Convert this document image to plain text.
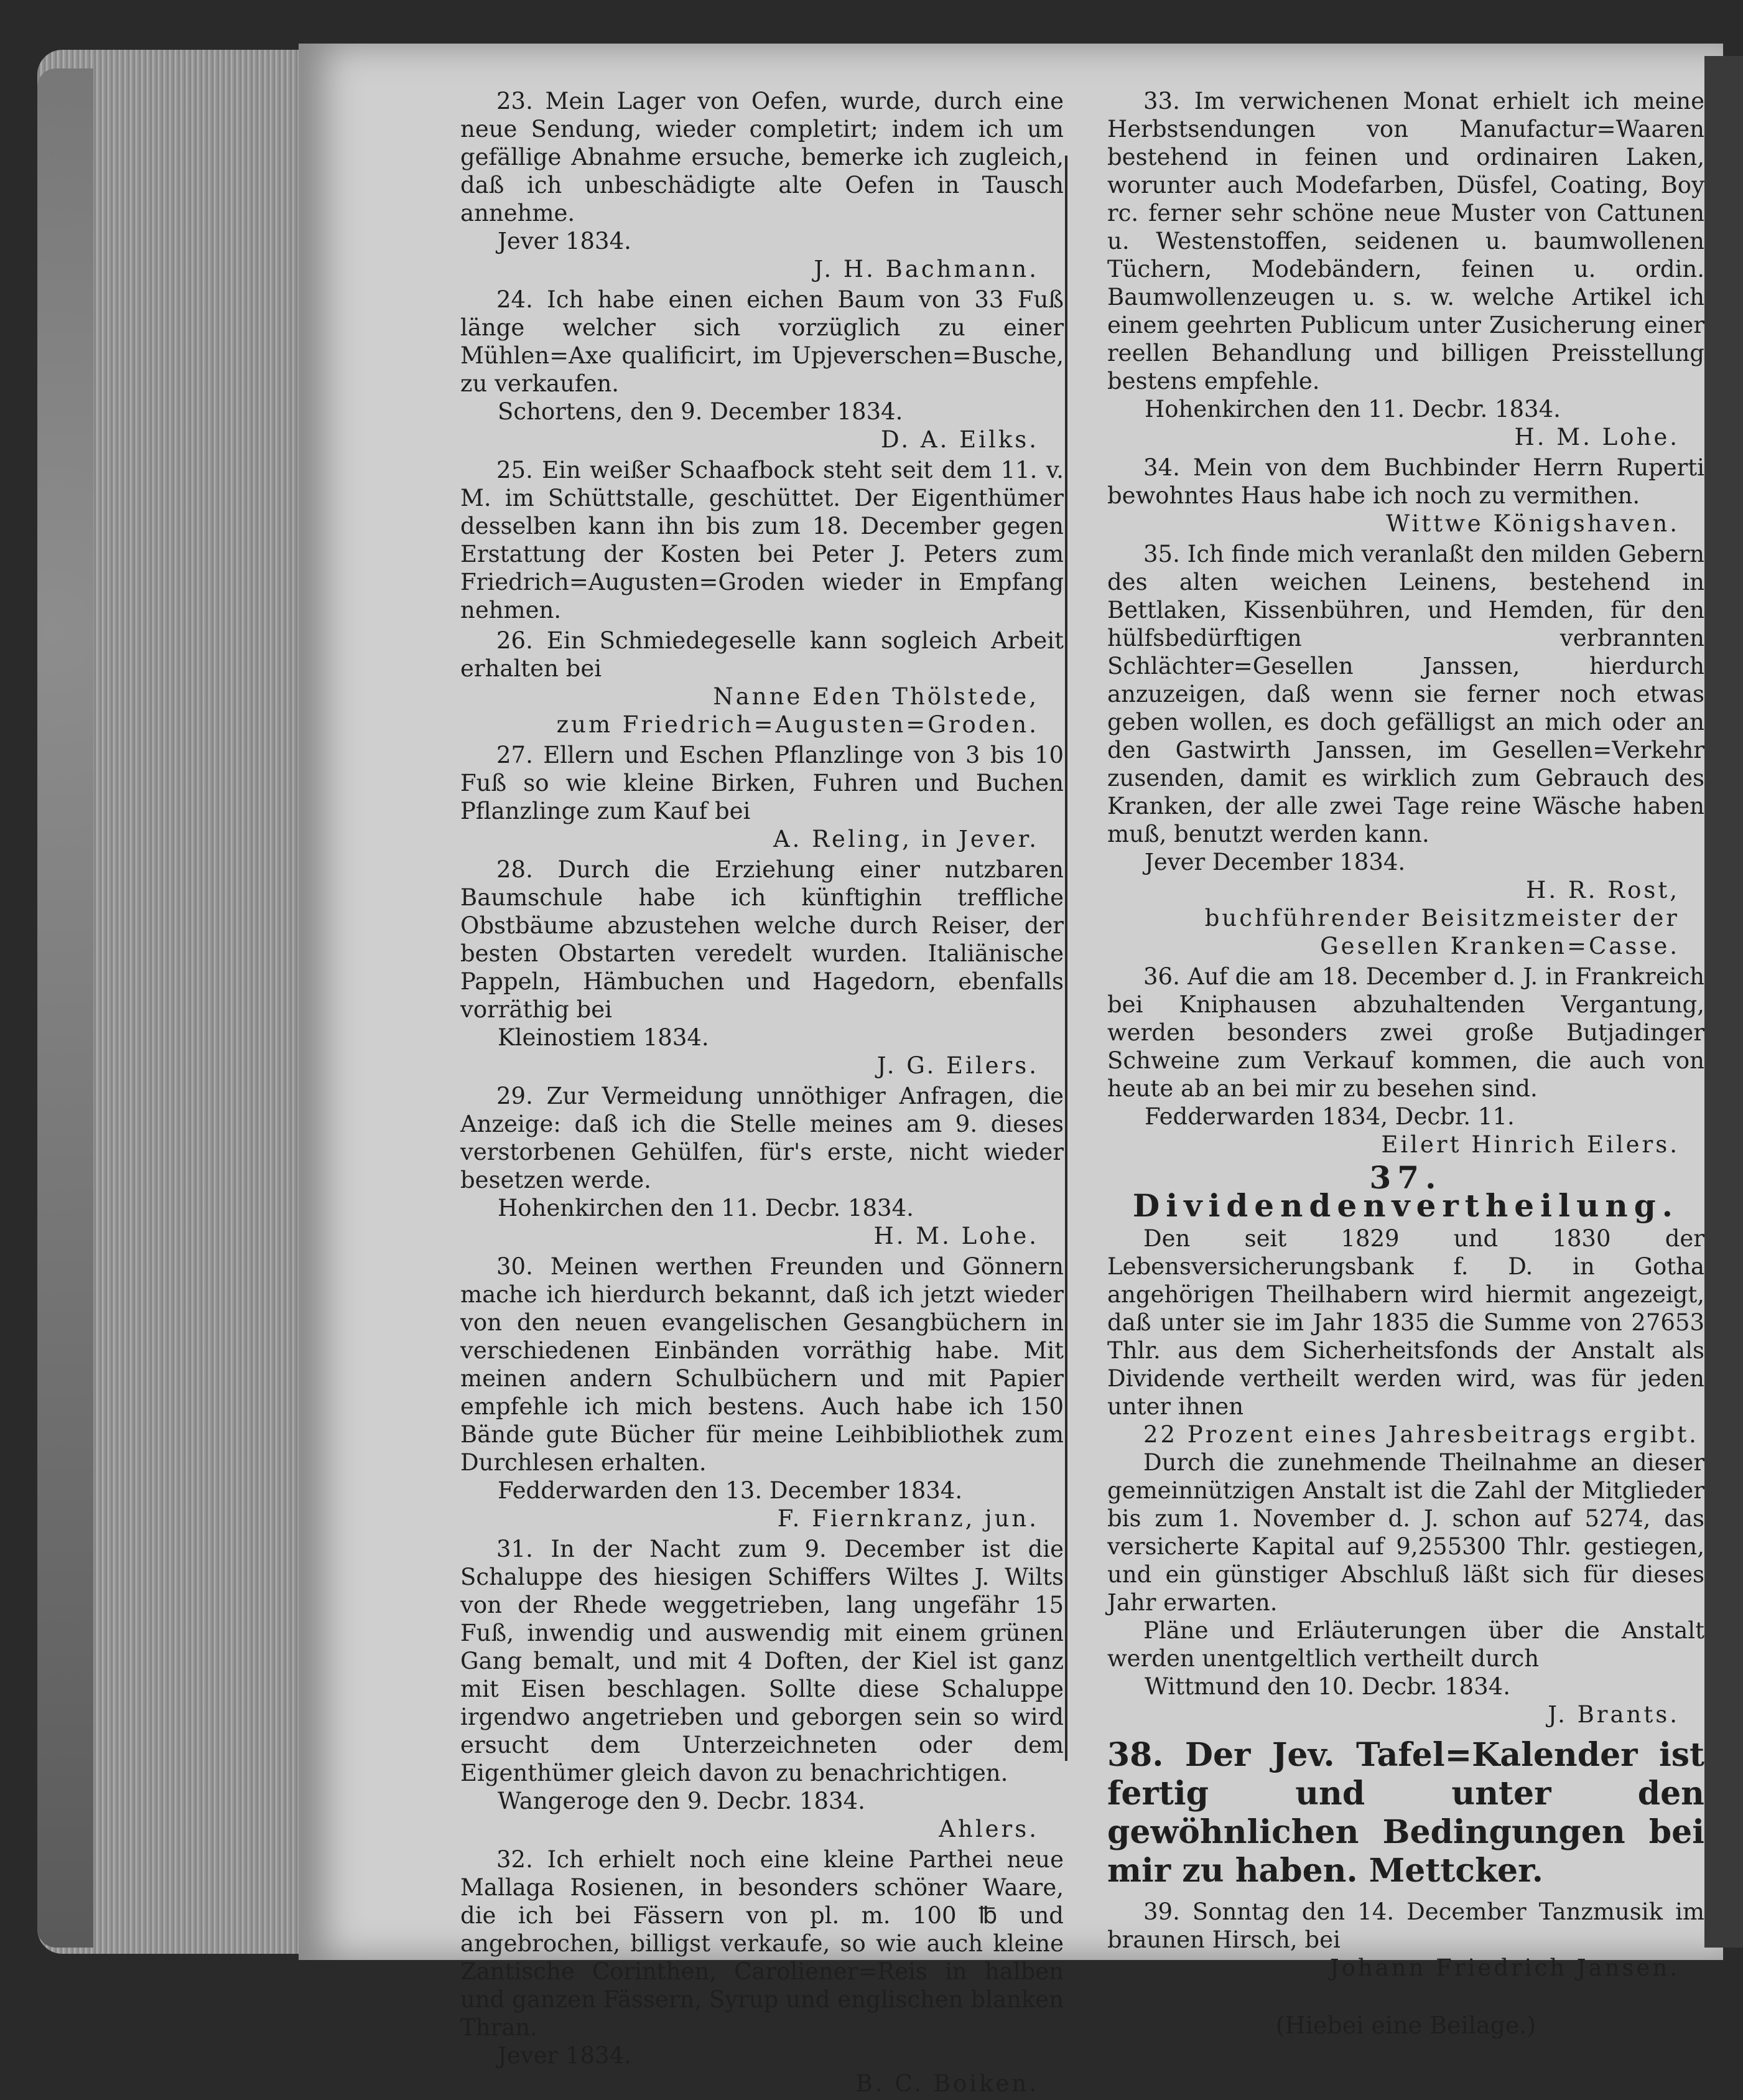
23. Mein Lager von Oefen, wurde, durch eine neue Sendung, wieder completirt; indem ich um gefällige Abnahme ersuche, bemerke ich zugleich, daß ich unbeschädigte alte Oefen in Tausch annehme.

Jever 1834.
J. H. Bachmann.

24. Ich habe einen eichen Baum von 33 Fuß länge welcher sich vorzüglich zu einer Mühlen=Axe qualificirt, im Upjeverschen=Busche, zu verkaufen.

Schortens, den 9. December 1834.
D. A. Eilks.

25. Ein weißer Schaafbock steht seit dem 11. v. M. im Schüttstalle, geschüttet. Der Eigenthümer desselben kann ihn bis zum 18. December gegen Erstattung der Kosten bei Peter J. Peters zum Friedrich=Augusten=Groden wieder in Empfang nehmen.

26. Ein Schmiedegeselle kann sogleich Arbeit erhalten bei

Nanne Eden Thölstede,
zum Friedrich=Augusten=Groden.

27. Ellern und Eschen Pflanzlinge von 3 bis 10 Fuß so wie kleine Birken, Fuhren und Buchen Pflanzlinge zum Kauf bei

A. Reling, in Jever.

28. Durch die Erziehung einer nutzbaren Baumschule habe ich künftighin treffliche Obstbäume abzustehen welche durch Reiser, der besten Obstarten veredelt wurden. Italiänische Pappeln, Hämbuchen und Hagedorn, ebenfalls vorräthig bei

Kleinostiem 1834.
J. G. Eilers.

29. Zur Vermeidung unnöthiger Anfragen, die Anzeige: daß ich die Stelle meines am 9. dieses verstorbenen Gehülfen, für's erste, nicht wieder besetzen werde.

Hohenkirchen den 11. Decbr. 1834.
H. M. Lohe.

30. Meinen werthen Freunden und Gönnern mache ich hierdurch bekannt, daß ich jetzt wieder von den neuen evangelischen Gesangbüchern in verschiedenen Einbänden vorräthig habe. Mit meinen andern Schulbüchern und mit Papier empfehle ich mich bestens. Auch habe ich 150 Bände gute Bücher für meine Leihbibliothek zum Durchlesen erhalten.

Fedderwarden den 13. December 1834.
F. Fiernkranz, jun.

31. In der Nacht zum 9. December ist die Schaluppe des hiesigen Schiffers Wiltes J. Wilts von der Rhede weggetrieben, lang ungefähr 15 Fuß, inwendig und auswendig mit einem grünen Gang bemalt, und mit 4 Doften, der Kiel ist ganz mit Eisen beschlagen. Sollte diese Schaluppe irgendwo angetrieben und geborgen sein so wird ersucht dem Unterzeichneten oder dem Eigenthümer gleich davon zu benachrichtigen.

Wangeroge den 9. Decbr. 1834.
Ahlers.

32. Ich erhielt noch eine kleine Parthei neue Mallaga Rosienen, in besonders schöner Waare, die ich bei Fässern von pl. m. 100 ℔ und angebrochen, billigst verkaufe, so wie auch kleine Zantische Corinthen, Caroliener=Reis in halben und ganzen Fässern, Syrup und englischen blanken Thran.

Jever 1834.
B. C. Boiken.

33. Im verwichenen Monat erhielt ich meine Herbstsendungen von Manufactur=Waaren bestehend in feinen und ordinairen Laken, worunter auch Modefarben, Düsfel, Coating, Boy rc. ferner sehr schöne neue Muster von Cattunen u. Westenstoffen, seidenen u. baumwollenen Tüchern, Modebändern, feinen u. ordin. Baumwollenzeugen u. s. w. welche Artikel ich einem geehrten Publicum unter Zusicherung einer reellen Behandlung und billigen Preisstellung bestens empfehle.

Hohenkirchen den 11. Decbr. 1834.
H. M. Lohe.

34. Mein von dem Buchbinder Herrn Ruperti bewohntes Haus habe ich noch zu vermithen.

Wittwe Königshaven.

35. Ich finde mich veranlaßt den milden Gebern des alten weichen Leinens, bestehend in Bettlaken, Kissenbühren, und Hemden, für den hülfsbedürftigen verbrannten Schlächter=Gesellen Janssen, hierdurch anzuzeigen, daß wenn sie ferner noch etwas geben wollen, es doch gefälligst an mich oder an den Gastwirth Janssen, im Gesellen=Verkehr zusenden, damit es wirklich zum Gebrauch des Kranken, der alle zwei Tage reine Wäsche haben muß, benutzt werden kann.

Jever December 1834.
H. R. Rost,
buchführender Beisitzmeister der Gesellen Kranken=Casse.

36. Auf die am 18. December d. J. in Frankreich bei Kniphausen abzuhaltenden Vergantung, werden besonders zwei große Butjadinger Schweine zum Verkauf kommen, die auch von heute ab an bei mir zu besehen sind.

Fedderwarden 1834, Decbr. 11.
Eilert Hinrich Eilers.
37. Dividendenvertheilung.

Den seit 1829 und 1830 der Lebensversicherungsbank f. D. in Gotha angehörigen Theilhabern wird hiermit angezeigt, daß unter sie im Jahr 1835 die Summe von 27653 Thlr. aus dem Sicherheitsfonds der Anstalt als Dividende vertheilt werden wird, was für jeden unter ihnen

22 Prozent eines Jahresbeitrags ergibt.

Durch die zunehmende Theilnahme an dieser gemeinnützigen Anstalt ist die Zahl der Mitglieder bis zum 1. November d. J. schon auf 5274, das versicherte Kapital auf 9,255300 Thlr. gestiegen, und ein günstiger Abschluß läßt sich für dieses Jahr erwarten.

Pläne und Erläuterungen über die Anstalt werden unentgeltlich vertheilt durch

Wittmund den 10. Decbr. 1834.
J. Brants.
38. Der Jev. Tafel=Kalender ist fertig und unter den gewöhnlichen Bedingungen bei mir zu haben. Mettcker.

39. Sonntag den 14. December Tanzmusik im braunen Hirsch, bei

Johann Friedrich Jansen.
(Hiebei eine Beilage.)
